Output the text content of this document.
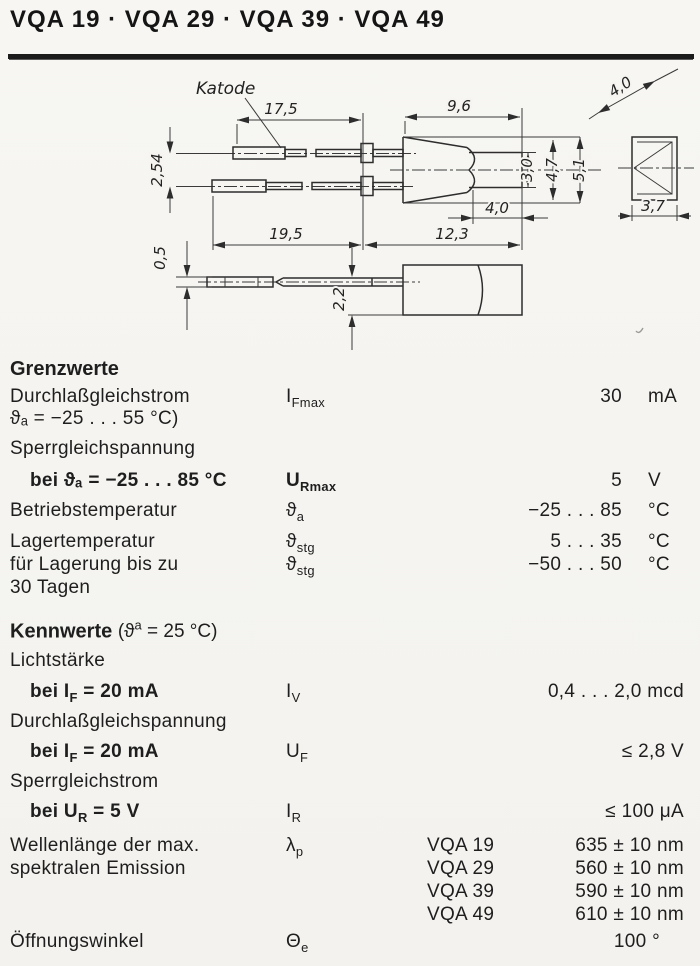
VQA 19 · VQA 29 · VQA 39 · VQA 49
Katode
17,5	9,6
2,54	3,0 4,7 5,1
4,0
19,5	12,3
4,0
3,7
0,5
2,2
Grenzwerte
Durchlaßgleichstrom	$I_{Fmax}$	30	mA
ϑₐ = −25 . . . 55 °C)
Sperrgleichspannung
bei ϑₐ = −25 . . . 85 °C	$U_{Rmax}$	5	V
Betriebstemperatur	$ϑ_a$	−25 . . . 85	°C
Lagertemperatur	$ϑ_{stg}$	5 . . . 35	°C
für Lagerung bis zu	$ϑ_{stg}$	−50 . . . 50	°C
30 Tagen
Kennwerte ($ϑ^a = 25$ °C)
Lichtstärke
bei $I_F = 20$ mA	$I_V$	0,4 . . . 2,0 mcd
Durchlaßgleichspannung
bei $I_F = 20$ mA	$U_F$	≤ 2,8 V
Sperrgleichstrom
bei $U_R = 5$ V	$I_R$	≤ 100 μA
Wellenlänge der max.	$\lambda_p$
spektralen Emission
VQA 19	635 ± 10 nm
VQA 29	560 ± 10 nm
VQA 39	590 ± 10 nm
VQA 49	610 ± 10 nm
Öffnungswinkel	$\Theta_e$	100 °
